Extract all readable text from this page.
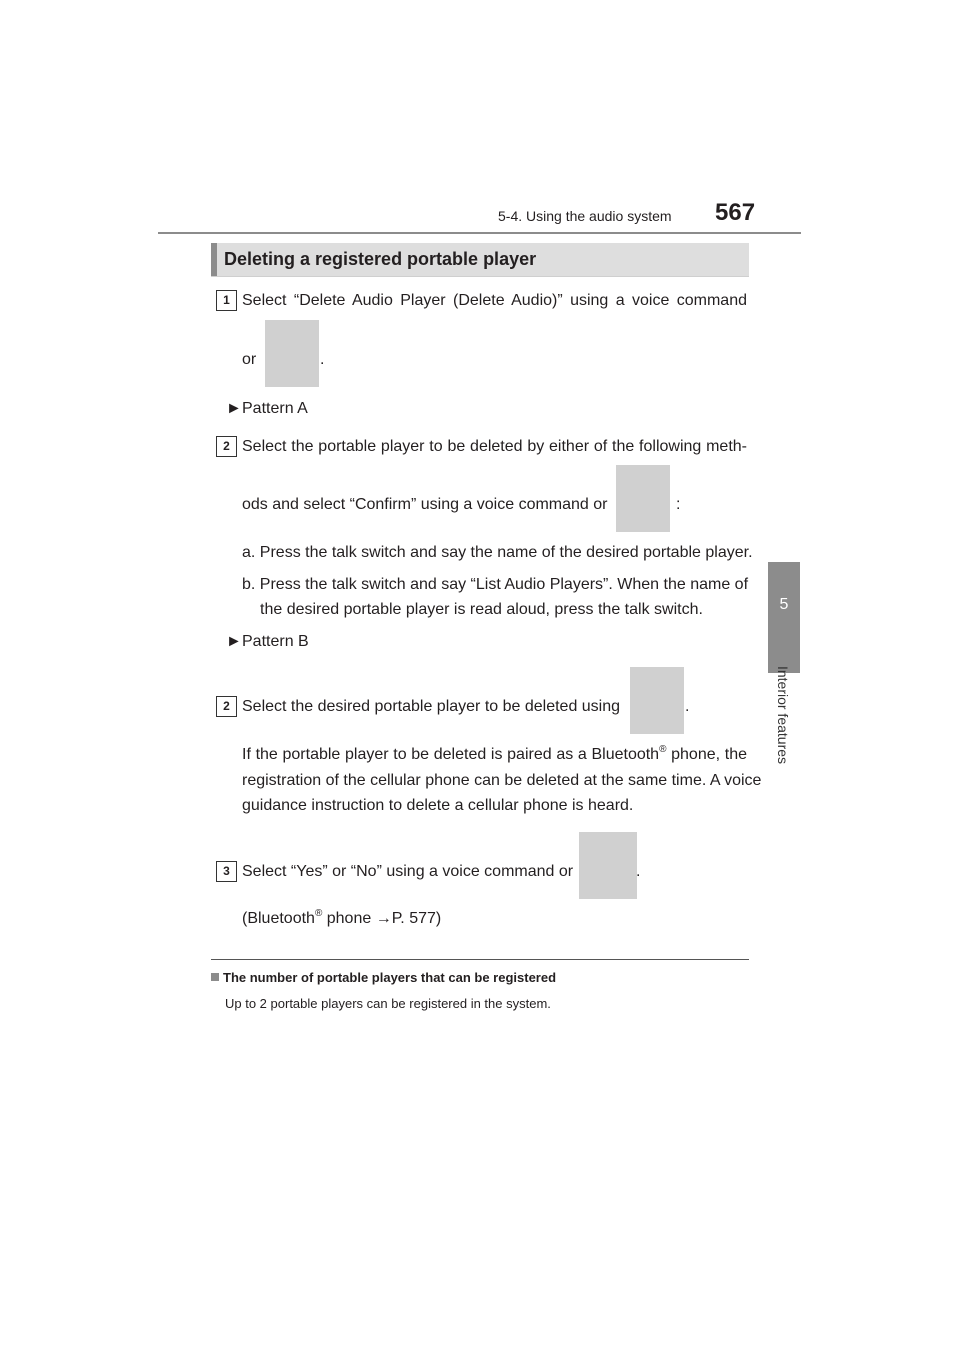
5-4. Using the audio system 567
5
Interior features
Deleting a registered portable player
1 Select “Delete Audio Player (Delete Audio)” using a voice command
or	.
► Pattern A
2 Select the portable player to be deleted by either of the following meth-
ods and select “Confirm” using a voice command or	:
a. Press the talk switch and say the name of the desired portable player.
b. Press the talk switch and say “List Audio Players”. When the name of
the desired portable player is read aloud, press the talk switch.
► Pattern B
2 Select the desired portable player to be deleted using	.
If the portable player to be deleted is paired as a Bluetooth® phone, the
registration of the cellular phone can be deleted at the same time. A voice
guidance instruction to delete a cellular phone is heard.
3 Select “Yes” or “No” using a voice command or	.
(Bluetooth® phone →P. 577)
The number of portable players that can be registered
Up to 2 portable players can be registered in the system.
